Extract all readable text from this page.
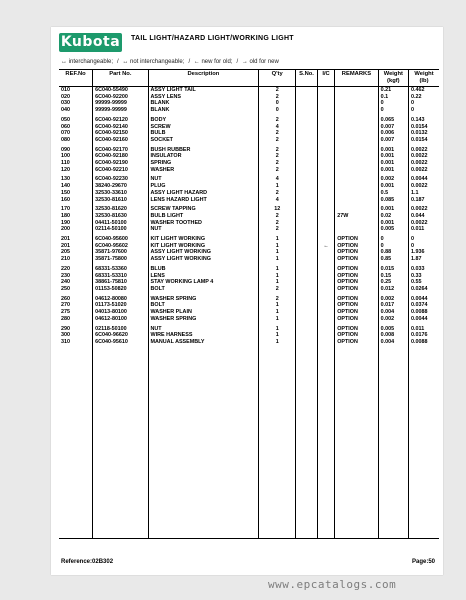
Kubota TAIL LIGHT/HAZARD LIGHT/WORKING LIGHT
↔ interchangeable; / ↔ not interchangeable; / ← new for old; / → old for new
REF.No	Part No.	Description	Q'ty	S.No.	I/C	REMARKS	Weight (kgf)	Weight (lb)
010	6C040-55490	ASSY LIGHT TAIL	2				0.21	0.462
020	6C040-92200	ASSY LENS	2				0.1	0.22
030	99999-99999	BLANK	0				0	0
040	99999-99999	BLANK	0				0	0
050	6C040-92120	BODY	2				0.065	0.143
060	6C040-92140	SCREW	4				0.007	0.0154
070	6C040-92150	BULB	2				0.006	0.0132
080	6C040-92160	SOCKET	2				0.007	0.0154
090	6C040-92170	BUSH RUBBER	2				0.001	0.0022
100	6C040-92180	INSULATOR	2				0.001	0.0022
110	6C040-92190	SPRING	2				0.001	0.0022
120	6C040-92210	WASHER	2				0.001	0.0022
130	6C040-92230	NUT	4				0.002	0.0044
140	38240-29670	PLUG	1				0.001	0.0022
150	32530-33610	ASSY LIGHT HAZARD	2				0.5	1.1
160	32530-81610	LENS HAZARD LIGHT	4				0.085	0.187
170	32530-81620	SCREW TAPPING	12				0.001	0.0022
180	32530-81630	BULB LIGHT	2			27W	0.02	0.044
190	04411-50100	WASHER TOOTHED	2				0.001	0.0022
200	02114-50100	NUT	2				0.005	0.011
201	6C040-95600	KIT LIGHT WORKING	1			OPTION	0	0
201	6C040-95602	KIT LIGHT WORKING	1		←	OPTION	0	0
205	35871-97600	ASSY LIGHT WORKING	1			OPTION	0.88	1.936
210	35871-75800	ASSY LIGHT WORKING	1			OPTION	0.85	1.87
220	68331-53360	BLUB	1			OPTION	0.015	0.033
230	68331-53310	LENS	1			OPTION	0.15	0.33
240	38861-75810	STAY WORKING LAMP 4	1			OPTION	0.25	0.55
250	01153-50820	BOLT	2			OPTION	0.012	0.0264
260	04612-80080	WASHER SPRING	2			OPTION	0.002	0.0044
270	01173-51020	BOLT	1			OPTION	0.017	0.0374
275	04013-80100	WASHER PLAIN	1			OPTION	0.004	0.0088
280	04612-80100	WASHER SPRING	1			OPTION	0.002	0.0044
290	02118-50100	NUT	1			OPTION	0.005	0.011
300	6C040-96620	WIRE HARNESS	1			OPTION	0.008	0.0176
310	6C040-95610	MANUAL ASSEMBLY	1			OPTION	0.004	0.0088

Reference:02B302	Page:50
www.epcatalogs.com
